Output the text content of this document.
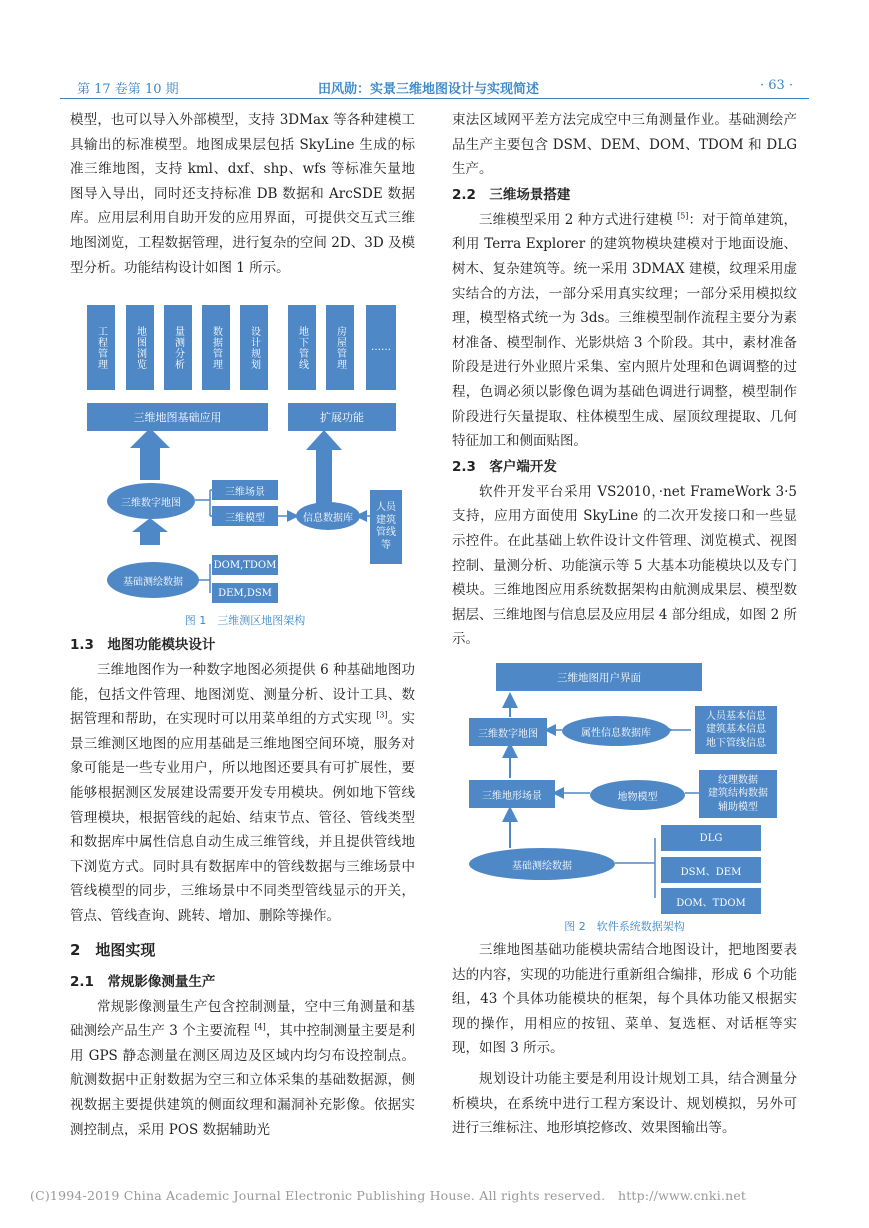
第 17 卷第 10 期	田风勋：实景三维地图设计与实现简述	· 63 ·

模型，也可以导入外部模型，支持 3DMax 等各种建模工具输出的标准模型。地图成果层包括 SkyLine 生成的标准三维地图，支持 kml、dxf、shp、wfs 等标准矢量地图导入导出，同时还支持标准 DB 数据和 ArcSDE 数据库。应用层利用自助开发的应用界面，可提供交互式三维地图浏览，工程数据管理，进行复杂的空间 2D、3D 及模型分析。功能结构设计如图 1 所示。

工程管理	地图浏览	量测分析	数据管理	设计规划	地下管线	房屋管理	……
三维地图基础应用	扩展功能
三维数字地图
三维场景
三维模型	信息数据库
人员建筑管线等
基础测绘数据
DOM,TDOM
DEM,DSM
图 1　三维测区地图架构
1.3　地图功能模块设计

三维地图作为一种数字地图必须提供 6 种基础地图功能，包括文件管理、地图浏览、测量分析、设计工具、数据管理和帮助，在实现时可以用菜单组的方式实现 [3]。实景三维测区地图的应用基础是三维地图空间环境，服务对象可能是一些专业用户，所以地图还要具有可扩展性，要能够根据测区发展建设需要开发专用模块。例如地下管线管理模块，根据管线的起始、结束节点、管径、管线类型和数据库中属性信息自动生成三维管线，并且提供管线地下浏览方式。同时具有数据库中的管线数据与三维场景中管线模型的同步，三维场景中不同类型管线显示的开关，管点、管线查询、跳转、增加、删除等操作。

2　地图实现
2.1　常规影像测量生产

常规影像测量生产包含控制测量，空中三角测量和基础测绘产品生产 3 个主要流程 [4]，其中控制测量主要是利用 GPS 静态测量在测区周边及区域内均匀布设控制点。航测数据中正射数据为空三和立体采集的基础数据源，侧视数据主要提供建筑的侧面纹理和漏洞补充影像。依据实测控制点，采用 POS 数据辅助光

束法区域网平差方法完成空中三角测量作业。基础测绘产品生产主要包含 DSM、DEM、DOM、TDOM 和 DLG 生产。

2.2　三维场景搭建

三维模型采用 2 种方式进行建模 [5]：对于简单建筑，利用 Terra Explorer 的建筑物模块建模对于地面设施、树木、复杂建筑等。统一采用 3DMAX 建模，纹理采用虚实结合的方法，一部分采用真实纹理；一部分采用模拟纹理，模型格式统一为 3ds。三维模型制作流程主要分为素材准备、模型制作、光影烘焙 3 个阶段。其中，素材准备阶段是进行外业照片采集、室内照片处理和色调调整的过程，色调必须以影像色调为基础色调进行调整，模型制作阶段进行矢量提取、柱体模型生成、屋顶纹理提取、几何特征加工和侧面贴图。

2.3　客户端开发

软件开发平台采用 VS2010，·net FrameWork 3·5 支持，应用方面使用 SkyLine 的二次开发接口和一些显示控件。在此基础上软件设计文件管理、浏览模式、视图控制、量测分析、功能演示等 5 大基本功能模块以及专门模块。三维地图应用系统数据架构由航测成果层、模型数据层、三维地图与信息层及应用层 4 部分组成，如图 2 所示。

三维地图用户界面
三维数字地图	属性信息数据库
人员基本信息
建筑基本信息
地下管线信息
三维地形场景	地物模型
纹理数据
建筑结构数据
辅助模型
基础测绘数据
DLG
DSM、DEM
DOM、TDOM
图 2　软件系统数据架构

三维地图基础功能模块需结合地图设计，把地图要表达的内容，实现的功能进行重新组合编排，形成 6 个功能组，43 个具体功能模块的框架，每个具体功能又根据实现的操作，用相应的按钮、菜单、复选框、对话框等实现，如图 3 所示。

规划设计功能主要是利用设计规划工具，结合测量分析模块，在系统中进行工程方案设计、规划模拟，另外可进行三维标注、地形填挖修改、效果图输出等。

(C)1994-2019 China Academic Journal Electronic Publishing House. All rights reserved.　http://www.cnki.net
